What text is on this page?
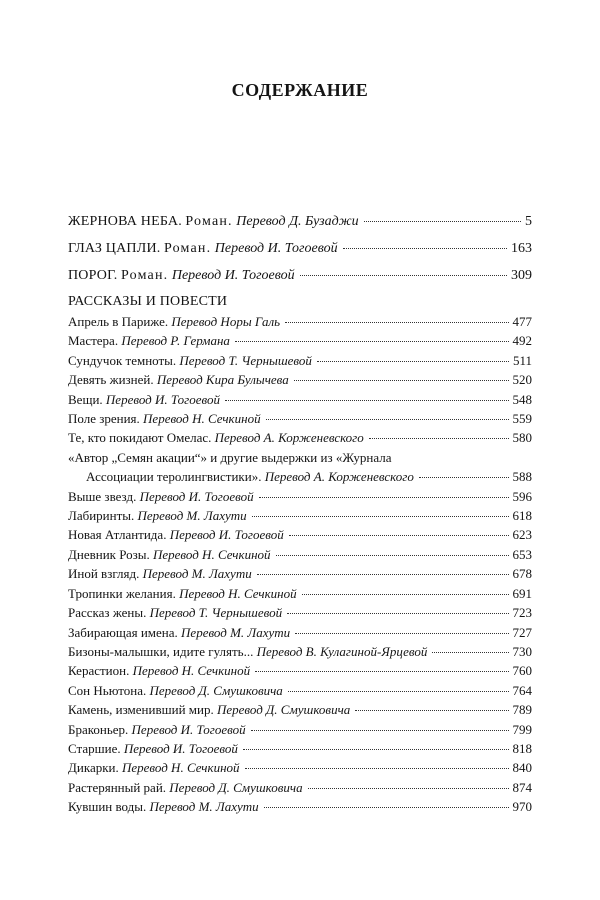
СОДЕРЖАНИЕ
ЖЕРНОВА НЕБА. Роман. Перевод Д. Бузаджи	5
ГЛАЗ ЦАПЛИ. Роман. Перевод И. Тогоевой	163
ПОРОГ. Роман. Перевод И. Тогоевой	309
РАССКАЗЫ И ПОВЕСТИ
Апрель в Париже. Перевод Норы Галь	477
Мастера. Перевод Р. Германа	492
Сундучок темноты. Перевод Т. Чернышевой	511
Девять жизней. Перевод Кира Булычева	520
Вещи. Перевод И. Тогоевой	548
Поле зрения. Перевод Н. Сечкиной	559
Те, кто покидают Омелас. Перевод А. Корженевского	580
«Автор „Семян акации“» и другие выдержки из «Журнала
Ассоциации теролингвистики». Перевод А. Корженевского	588
Выше звезд. Перевод И. Тогоевой	596
Лабиринты. Перевод М. Лахути	618
Новая Атлантида. Перевод И. Тогоевой	623
Дневник Розы. Перевод Н. Сечкиной	653
Иной взгляд. Перевод М. Лахути	678
Тропинки желания. Перевод Н. Сечкиной	691
Рассказ жены. Перевод Т. Чернышевой	723
Забирающая имена. Перевод М. Лахути	727
Бизоны-малышки, идите гулять... Перевод В. Кулагиной-Ярцевой	730
Керастион. Перевод Н. Сечкиной	760
Сон Ньютона. Перевод Д. Смушковича	764
Камень, изменивший мир. Перевод Д. Смушковича	789
Браконьер. Перевод И. Тогоевой	799
Старшие. Перевод И. Тогоевой	818
Дикарки. Перевод Н. Сечкиной	840
Растерянный рай. Перевод Д. Смушковича	874
Кувшин воды. Перевод М. Лахути	970
